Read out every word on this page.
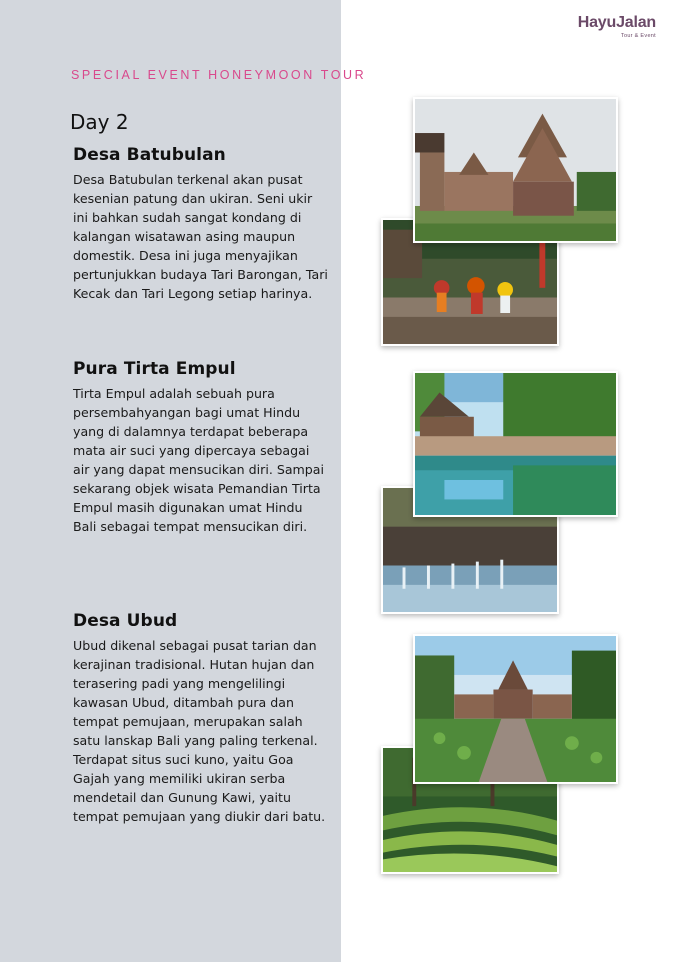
HayuJalan
Tour & Event
SPECIAL EVENT HONEYMOON TOUR
Day 2
Desa Batubulan

Desa Batubulan terkenal akan pusat kesenian patung dan ukiran. Seni ukir ini bahkan sudah sangat kondang di kalangan wisatawan asing maupun domestik. Desa ini juga menyajikan pertunjukkan budaya Tari Barongan, Tari Kecak dan Tari Legong setiap harinya.

Pura Tirta Empul

Tirta Empul adalah sebuah pura persembahyangan bagi umat Hindu yang di dalamnya terdapat beberapa mata air suci yang dipercaya sebagai air yang dapat mensucikan diri. Sampai sekarang objek wisata Pemandian Tirta Empul masih digunakan umat Hindu Bali sebagai tempat mensucikan diri.

Desa Ubud

Ubud dikenal sebagai pusat tarian dan kerajinan tradisional. Hutan hujan dan terasering padi yang mengelilingi kawasan Ubud, ditambah pura dan tempat pemujaan, merupakan salah satu lanskap Bali yang paling terkenal. Terdapat situs suci kuno, yaitu Goa Gajah yang memiliki ukiran serba mendetail dan Gunung Kawi, yaitu tempat pemujaan yang diukir dari batu.
